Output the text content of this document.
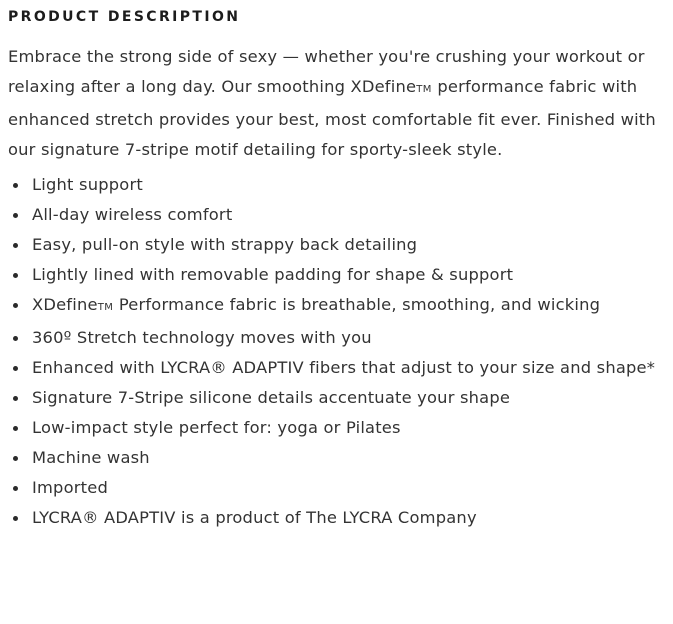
PRODUCT DESCRIPTION

Embrace the strong side of sexy — whether you're crushing your workout or relaxing after a long day. Our smoothing XDefineTM performance fabric with enhanced stretch provides your best, most comfortable fit ever. Finished with our signature 7-stripe motif detailing for sporty-sleek style.

Light support
All-day wireless comfort
Easy, pull-on style with strappy back detailing
Lightly lined with removable padding for shape & support
XDefineTM Performance fabric is breathable, smoothing, and wicking
360º Stretch technology moves with you
Enhanced with LYCRA® ADAPTIV fibers that adjust to your size and shape*
Signature 7-Stripe silicone details accentuate your shape
Low-impact style perfect for: yoga or Pilates
Machine wash
Imported
LYCRA® ADAPTIV is a product of The LYCRA Company
